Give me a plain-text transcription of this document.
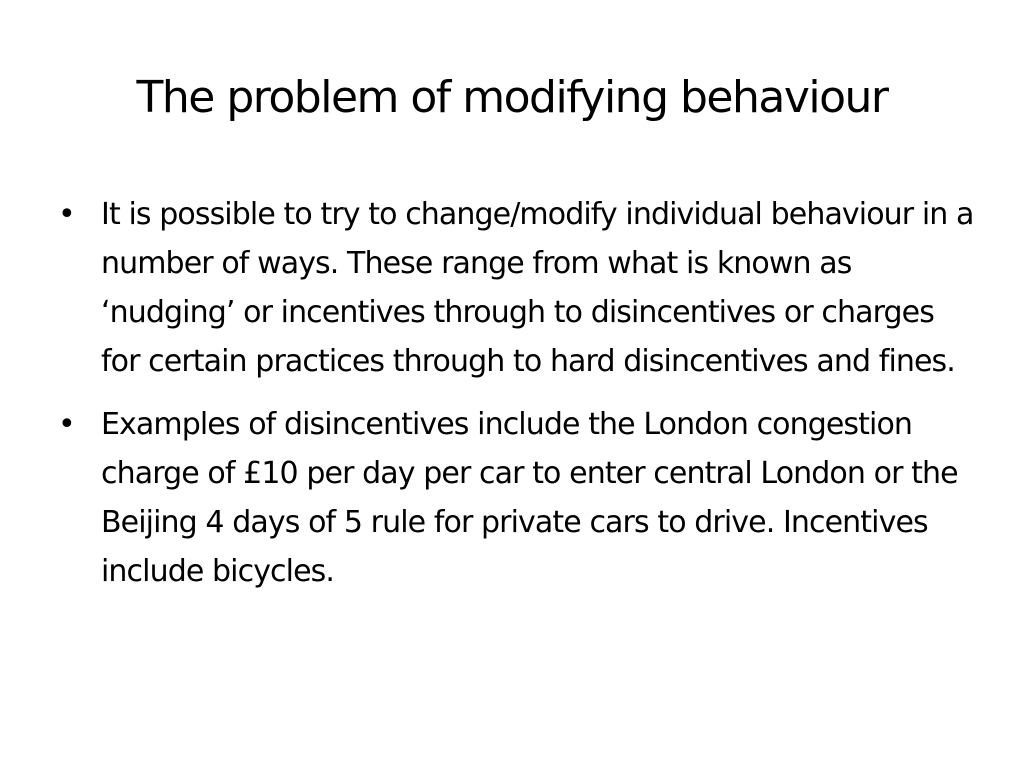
The problem of modifying behaviour
• It is possible to try to change/modify individual behaviour in a number of ways. These range from what is known as ‘nudging’ or incentives through to disincentives or charges for certain practices through to hard disincentives and fines.
• Examples of disincentives include the London congestion charge of £10 per day per car to enter central London or the Beijing 4 days of 5 rule for private cars to drive. Incentives include bicycles.
